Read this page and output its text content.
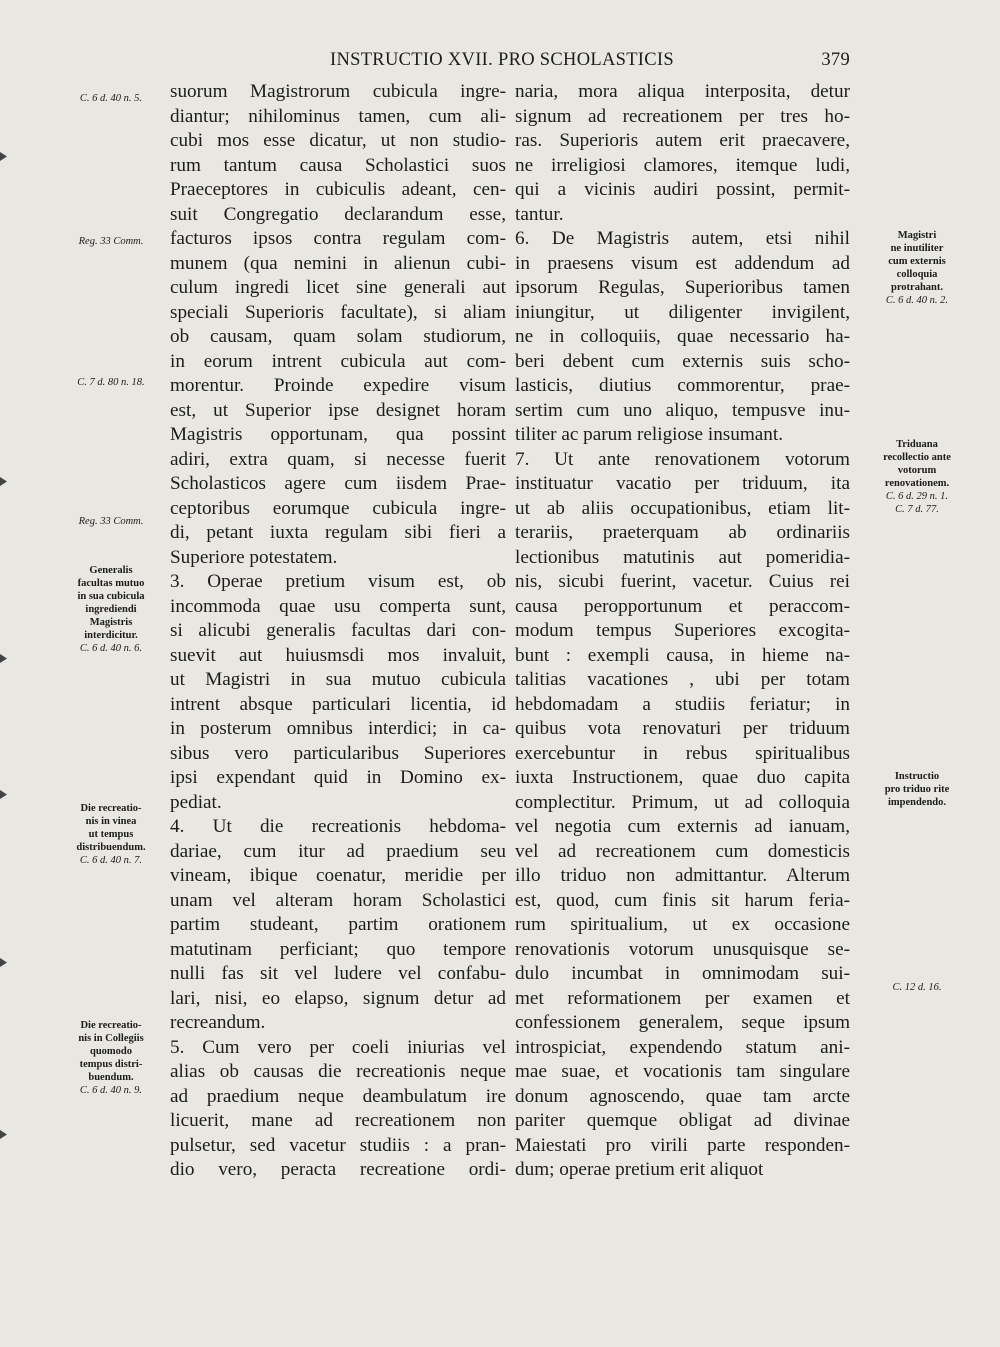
INSTRUCTIO XVII. PRO SCHOLASTICIS	379
suorum Magistrorum cubicula ingre-
diantur; nihilominus tamen, cum ali-
cubi mos esse dicatur, ut non studio-
rum tantum causa Scholastici suos
Praeceptores in cubiculis adeant, cen-
suit Congregatio declarandum esse,
facturos ipsos contra regulam com-
munem (qua nemini in alienun cubi-
culum ingredi licet sine generali aut
speciali Superioris facultate), si aliam
ob causam, quam solam studiorum,
in eorum intrent cubicula aut com-
morentur. Proinde expedire visum
est, ut Superior ipse designet horam
Magistris opportunam, qua possint
adiri, extra quam, si necesse fuerit
Scholasticos agere cum iisdem Prae-
ceptoribus eorumque cubicula ingre-
di, petant iuxta regulam sibi fieri a
Superiore potestatem.
3. Operae pretium visum est, ob
incommoda quae usu comperta sunt,
si alicubi generalis facultas dari con-
suevit aut huiusmsdi mos invaluit,
ut Magistri in sua mutuo cubicula
intrent absque particulari licentia, id
in posterum omnibus interdici; in ca-
sibus vero particularibus Superiores
ipsi expendant quid in Domino ex-
pediat.
4. Ut die recreationis hebdoma-
dariae, cum itur ad praedium seu
vineam, ibique coenatur, meridie per
unam vel alteram horam Scholastici
partim studeant, partim orationem
matutinam perficiant; quo tempore
nulli fas sit vel ludere vel confabu-
lari, nisi, eo elapso, signum detur ad
recreandum.
5. Cum vero per coeli iniurias vel
alias ob causas die recreationis neque
ad praedium neque deambulatum ire
licuerit, mane ad recreationem non
pulsetur, sed vacetur studiis : a pran-
dio vero, peracta recreatione ordi-
naria, mora aliqua interposita, detur
signum ad recreationem per tres ho-
ras. Superioris autem erit praecavere,
ne irreligiosi clamores, itemque ludi,
qui a vicinis audiri possint, permit-
tantur.
6. De Magistris autem, etsi nihil
in praesens visum est addendum ad
ipsorum Regulas, Superioribus tamen
iniungitur, ut diligenter invigilent,
ne in colloquiis, quae necessario ha-
beri debent cum externis suis scho-
lasticis, diutius commorentur, prae-
sertim cum uno aliquo, tempusve inu-
tiliter ac parum religiose insumant.
7. Ut ante renovationem votorum
instituatur vacatio per triduum, ita
ut ab aliis occupationibus, etiam lit-
terariis, praeterquam ab ordinariis
lectionibus matutinis aut pomeridia-
nis, sicubi fuerint, vacetur. Cuius rei
causa peropportunum et peraccom-
modum tempus Superiores excogita-
bunt : exempli causa, in hieme na-
talitias vacationes , ubi per totam
hebdomadam a studiis feriatur; in
quibus vota renovaturi per triduum
exercebuntur in rebus spiritualibus
iuxta Instructionem, quae duo capita
complectitur. Primum, ut ad colloquia
vel negotia cum externis ad ianuam,
vel ad recreationem cum domesticis
illo triduo non admittantur. Alterum
est, quod, cum finis sit harum feria-
rum spiritualium, ut ex occasione
renovationis votorum unusquisque se-
dulo incumbat in omnimodam sui-
met reformationem per examen et
confessionem generalem, seque ipsum
introspiciat, expendendo statum ani-
mae suae, et vocationis tam singulare
donum agnoscendo, quae tam arcte
pariter quemque obligat ad divinae
Maiestati pro virili parte responden-
dum; operae pretium erit aliquot
C. 6 d. 40 n. 5.
Reg. 33 Comm.
C. 7 d. 80 n. 18.
Reg. 33 Comm.
Generalis
facultas mutuo
in sua cubicula
ingrediendi
Magistris
interdicitur.
C. 6 d. 40 n. 6.
Die recreatio-
nis in vinea
ut tempus
distribuendum.
C. 6 d. 40 n. 7.
Die recreatio-
nis in Collegiis
quomodo
tempus distri-
buendum.
C. 6 d. 40 n. 9.
Magistri
ne inutiliter
cum externis
colloquia
protrahant.
C. 6 d. 40 n. 2.
Triduana
recollectio ante
votorum
renovationem.
C. 6 d. 29 n. 1.
C. 7 d. 77.
Instructio
pro triduo rite
impendendo.
C. 12 d. 16.
